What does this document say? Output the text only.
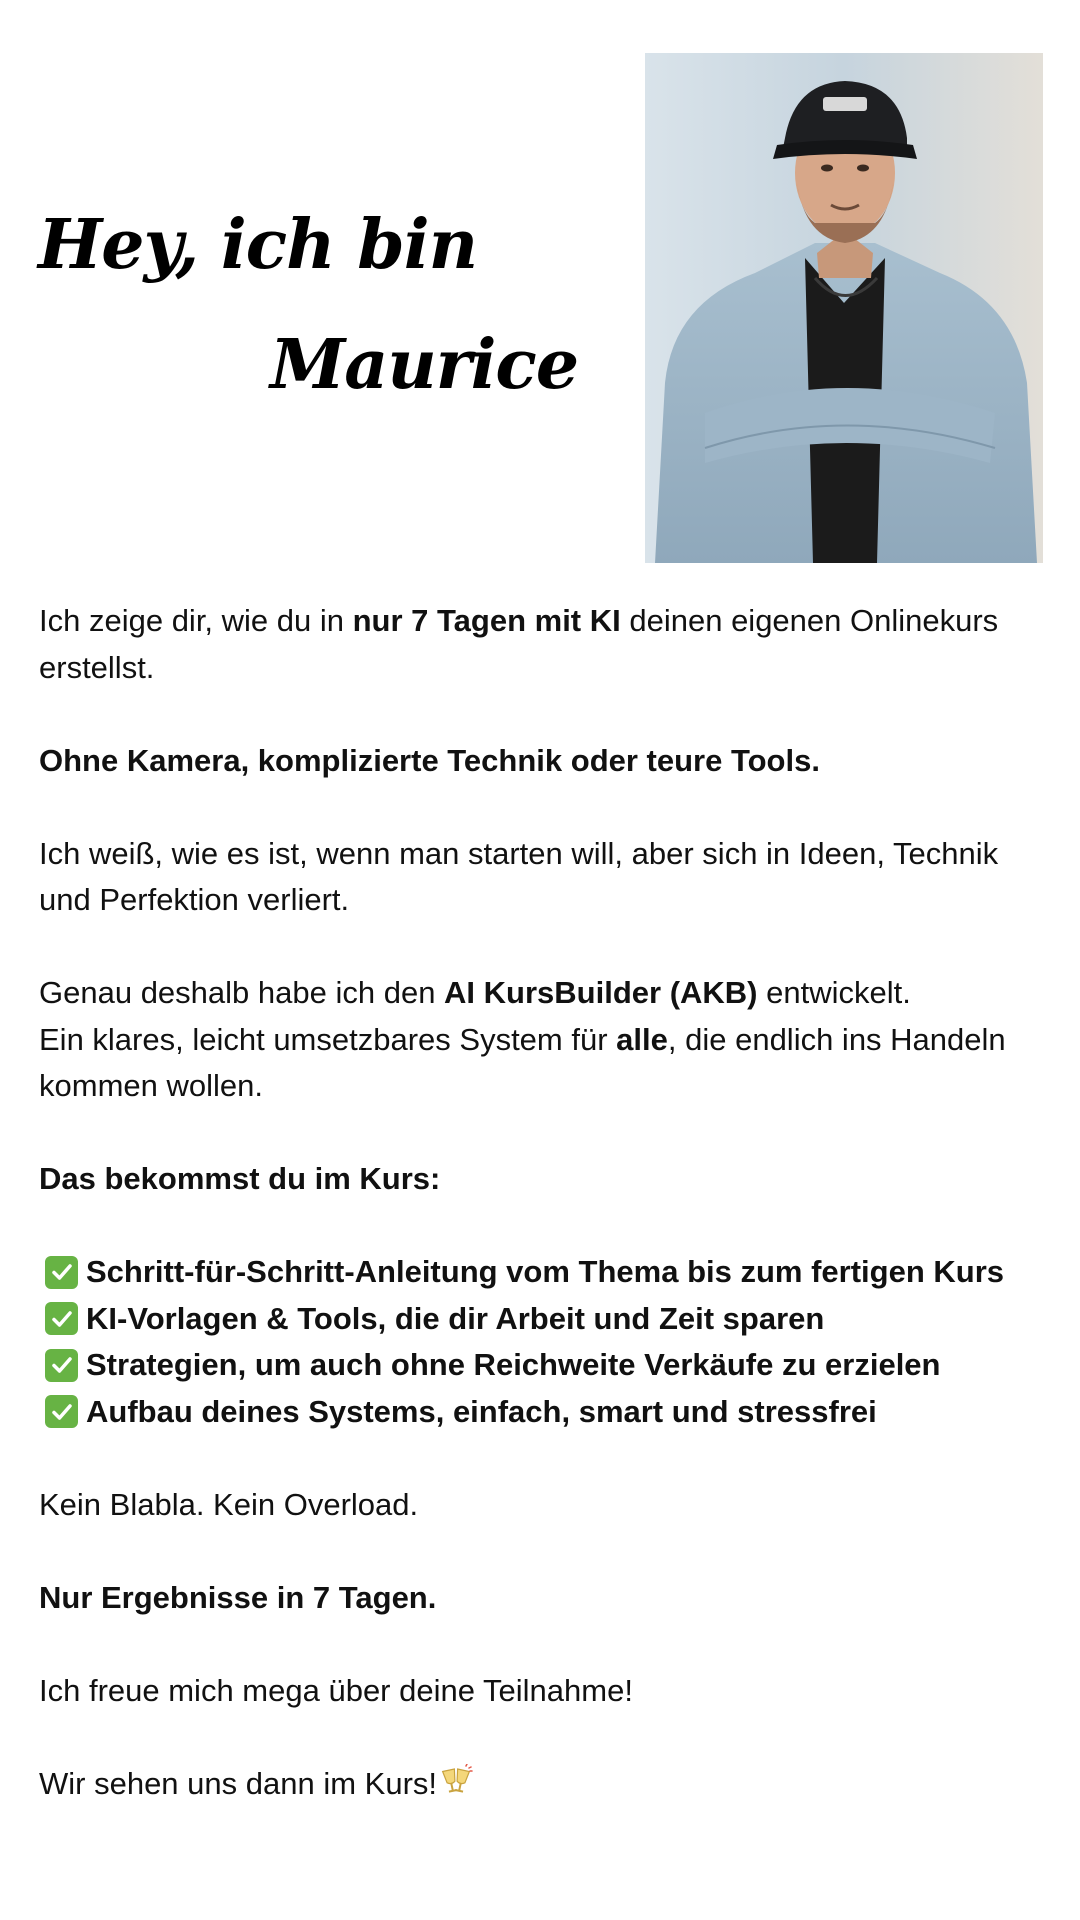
Hey, ich bin
Maurice

Ich zeige dir, wie du in nur 7 Tagen mit KI deinen eigenen Onlinekurs erstellst.

Ohne Kamera, komplizierte Technik oder teure Tools.

Ich weiß, wie es ist, wenn man starten will, aber sich in Ideen, Technik und Perfektion verliert.

Genau deshalb habe ich den AI KursBuilder (AKB) entwickelt.
Ein klares, leicht umsetzbares System für alle, die endlich ins Handeln kommen wollen.

Das bekommst du im Kurs:

Schritt-für-Schritt-Anleitung vom Thema bis zum fertigen Kurs
KI-Vorlagen & Tools, die dir Arbeit und Zeit sparen
Strategien, um auch ohne Reichweite Verkäufe zu erzielen
Aufbau deines Systems, einfach, smart und stressfrei

Kein Blabla. Kein Overload.

Nur Ergebnisse in 7 Tagen.

Ich freue mich mega über deine Teilnahme!

Wir sehen uns dann im Kurs!
